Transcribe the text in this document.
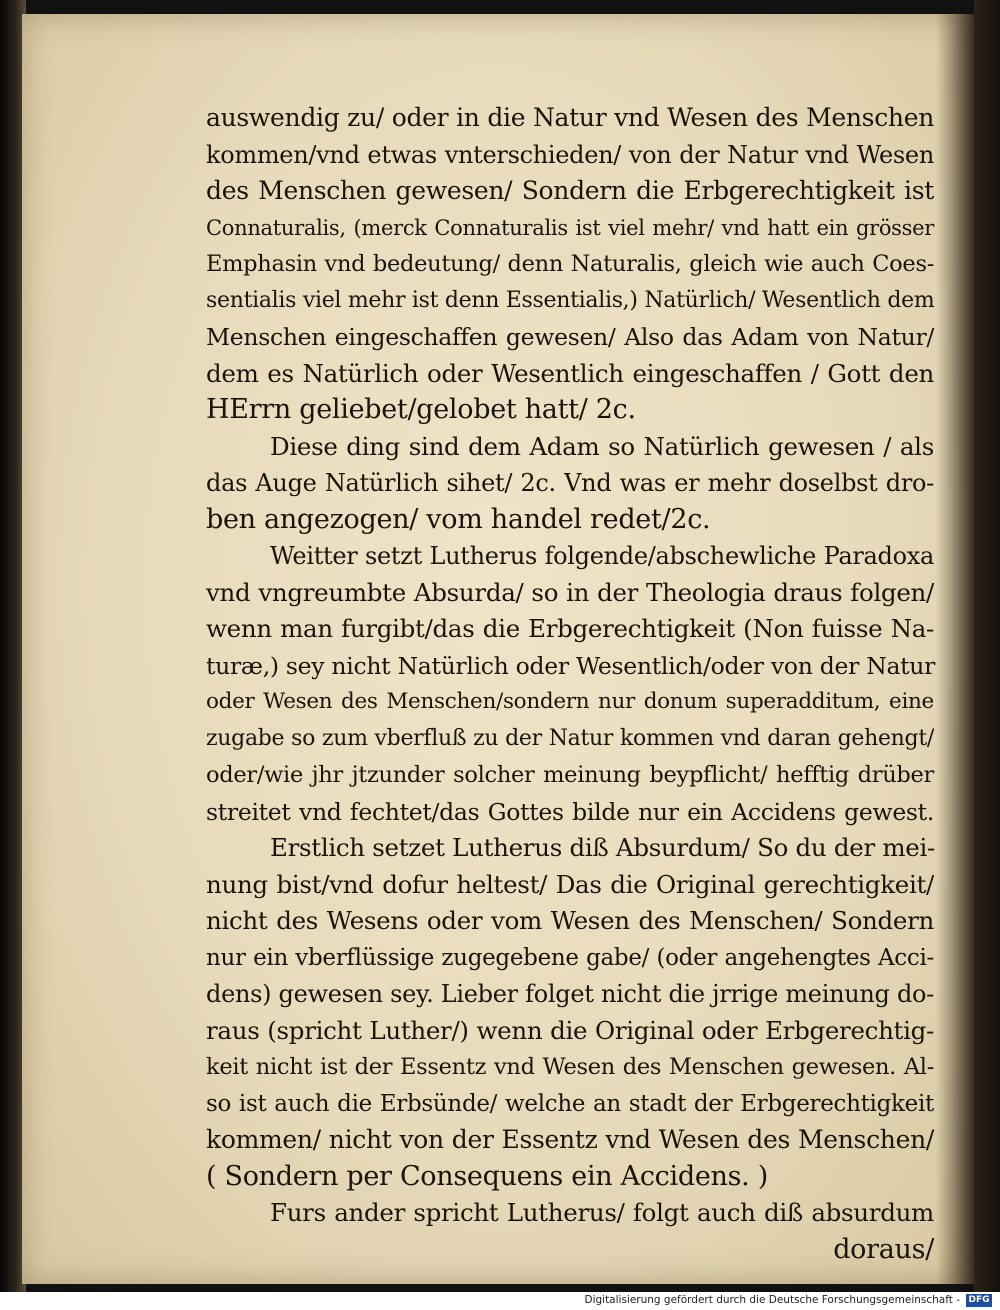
auswendig zu/ oder in die Natur vnd Wesen des Menschen
kommen/vnd etwas vnterschieden/ von der Natur vnd Wesen
des Menschen gewesen/ Sondern die Erbgerechtigkeit ist
Connaturalis, (merck Connaturalis ist viel mehr/ vnd hatt ein grösser
Emphasin vnd bedeutung/ denn Naturalis, gleich wie auch Coes-
sentialis viel mehr ist denn Essentialis,) Natürlich/ Wesentlich dem
Menschen eingeschaffen gewesen/ Also das Adam von Natur/
dem es Natürlich oder Wesentlich eingeschaffen / Gott den
HErrn geliebet/gelobet hatt/ 2c.
Diese ding sind dem Adam so Natürlich gewesen / als
das Auge Natürlich sihet/ 2c. Vnd was er mehr doselbst dro-
ben angezogen/ vom handel redet/2c.
Weitter setzt Lutherus folgende/abschewliche Paradoxa
vnd vngreumbte Absurda/ so in der Theologia draus folgen/
wenn man furgibt/das die Erbgerechtigkeit (Non fuisse Na-
turæ,) sey nicht Natürlich oder Wesentlich/oder von der Natur
oder Wesen des Menschen/sondern nur donum superadditum, eine
zugabe so zum vberfluß zu der Natur kommen vnd daran gehengt/
oder/wie jhr jtzunder solcher meinung beypflicht/ hefftig drüber
streitet vnd fechtet/das Gottes bilde nur ein Accidens gewest.
Erstlich setzet Lutherus diß Absurdum/ So du der mei-
nung bist/vnd dofur heltest/ Das die Original gerechtigkeit/
nicht des Wesens oder vom Wesen des Menschen/ Sondern
nur ein vberflüssige zugegebene gabe/ (oder angehengtes Acci-
dens) gewesen sey. Lieber folget nicht die jrrige meinung do-
raus (spricht Luther/) wenn die Original oder Erbgerechtig-
keit nicht ist der Essentz vnd Wesen des Menschen gewesen. Al-
so ist auch die Erbsünde/ welche an stadt der Erbgerechtigkeit
kommen/ nicht von der Essentz vnd Wesen des Menschen/
( Sondern per Consequens ein Accidens. )
Furs ander spricht Lutherus/ folgt auch diß absurdum
doraus/
Digitalisierung gefördert durch die Deutsche Forschungsgemeinschaft - DFG
